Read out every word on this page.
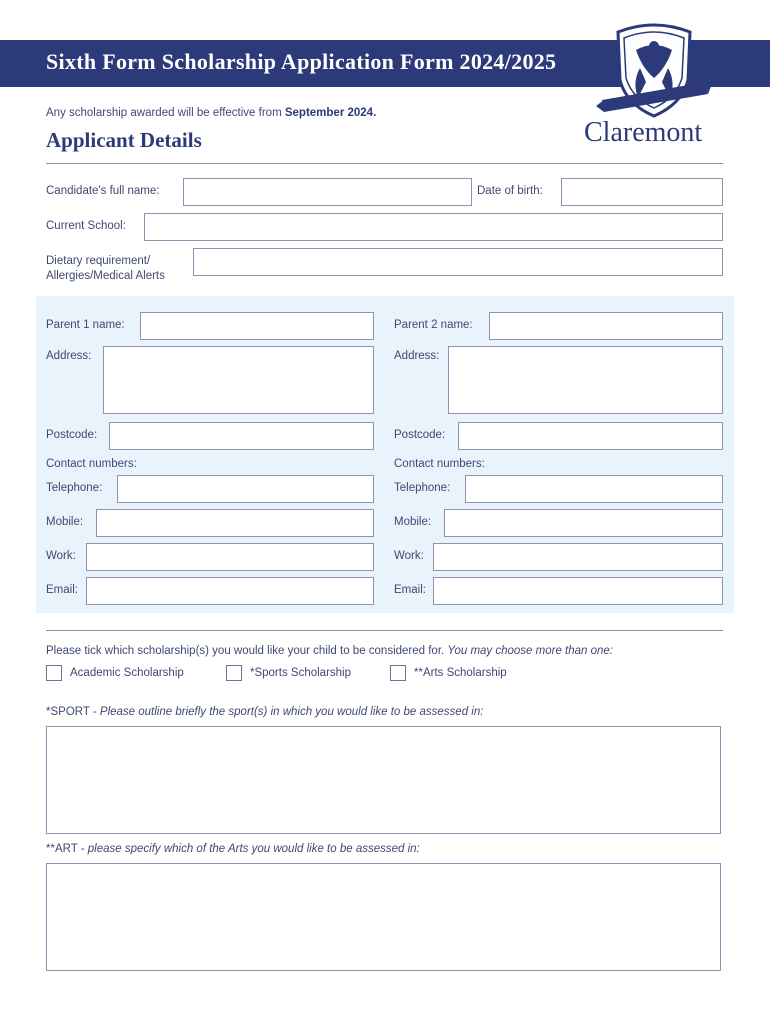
Sixth Form Scholarship Application Form 2024/2025
Claremont
Any scholarship awarded will be effective from September 2024.
Applicant Details
Candidate's full name:	Date of birth:
Current School:
Dietary requirement/
Allergies/Medical Alerts
Parent 1 name:
Address:
Postcode:
Contact numbers:
Telephone:
Mobile:
Work:
Email:
Parent 2 name:
Address:
Postcode:
Contact numbers:
Telephone:
Mobile:
Work:
Email:
Please tick which scholarship(s) you would like your child to be considered for. You may choose more than one:
Academic Scholarship	*Sports Scholarship	**Arts Scholarship
*SPORT - Please outline briefly the sport(s) in which you would like to be assessed in:
**ART - please specify which of the Arts you would like to be assessed in:
